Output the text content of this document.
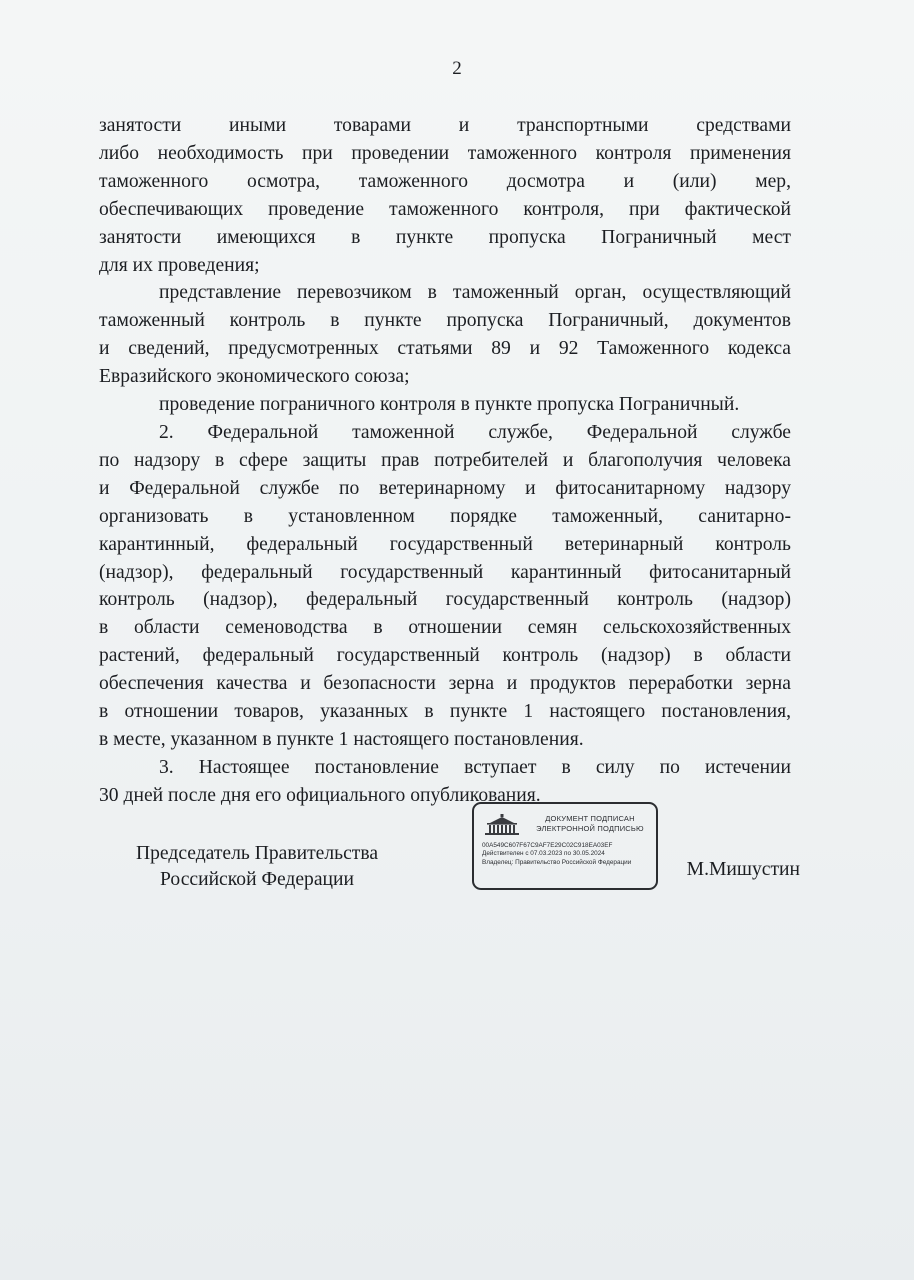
2

занятости иными товарами и транспортными средствами

либо необходимость при проведении таможенного контроля применения

таможенного осмотра, таможенного досмотра и (или) мер,

обеспечивающих проведение таможенного контроля, при фактической

занятости имеющихся в пункте пропуска Пограничный мест

для их проведения;

представление перевозчиком в таможенный орган, осуществляющий

таможенный контроль в пункте пропуска Пограничный, документов

и сведений, предусмотренных статьями 89 и 92 Таможенного кодекса

Евразийского экономического союза;

проведение пограничного контроля в пункте пропуска Пограничный.

2. Федеральной таможенной службе, Федеральной службе

по надзору в сфере защиты прав потребителей и благополучия человека

и Федеральной службе по ветеринарному и фитосанитарному надзору

организовать в установленном порядке таможенный, санитарно-

карантинный, федеральный государственный ветеринарный контроль

(надзор), федеральный государственный карантинный фитосанитарный

контроль (надзор), федеральный государственный контроль (надзор)

в области семеноводства в отношении семян сельскохозяйственных

растений, федеральный государственный контроль (надзор) в области

обеспечения качества и безопасности зерна и продуктов переработки зерна

в отношении товаров, указанных в пункте 1 настоящего постановления,

в месте, указанном в пункте 1 настоящего постановления.

3. Настоящее постановление вступает в силу по истечении

30 дней после дня его официального опубликования.

Председатель Правительства
Российской Федерации
ДОКУМЕНТ ПОДПИСАН
ЭЛЕКТРОННОЙ ПОДПИСЬЮ
00A549C607F67C9AF7E29C02C918EA03EF
Действителен с 07.03.2023 по 30.05.2024
Владелец: Правительство Российской Федерации	М.Мишустин
